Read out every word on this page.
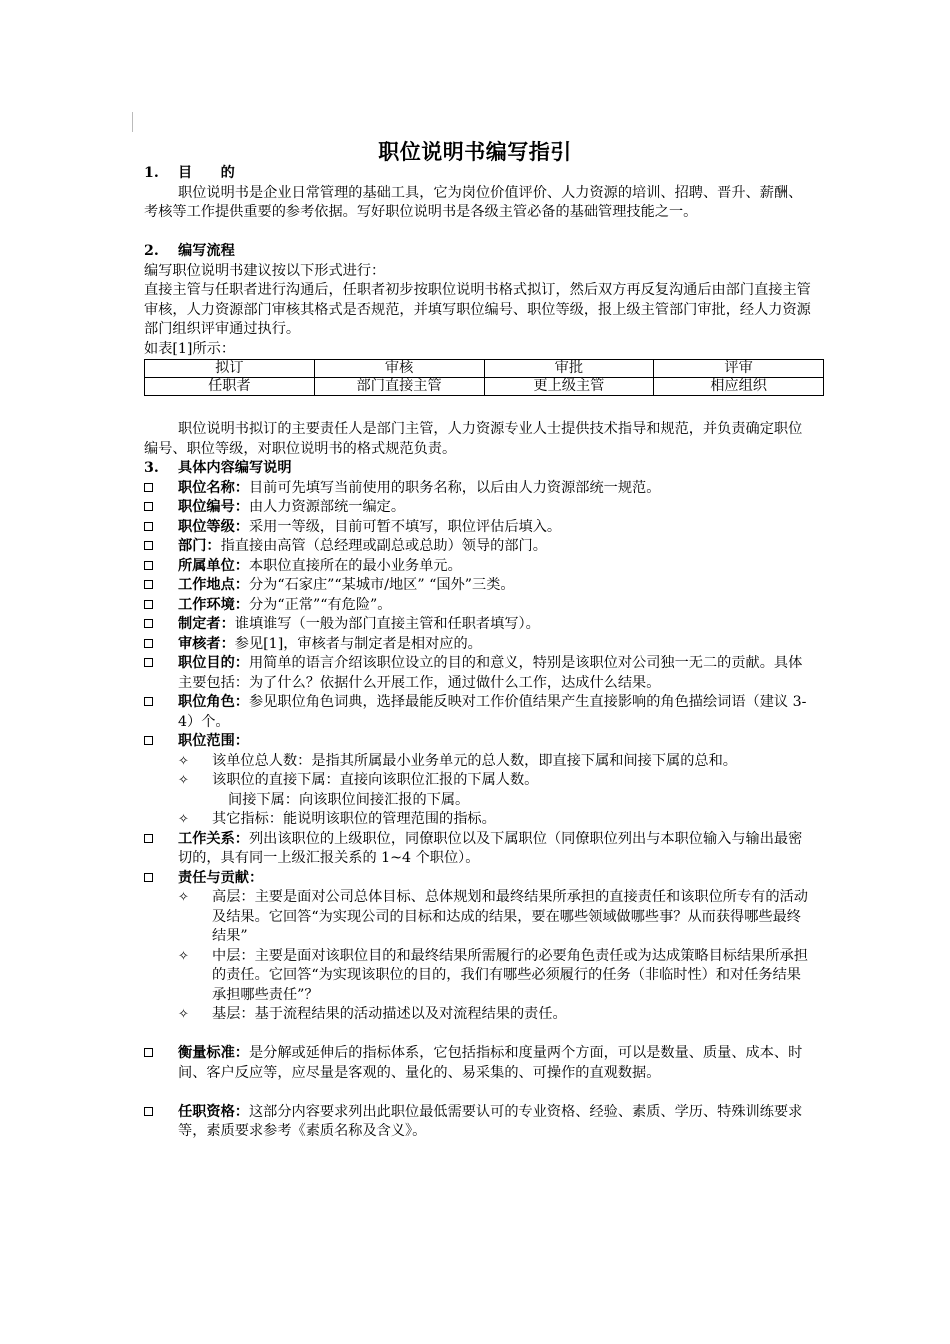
职位说明书编写指引

1. 目　　的

职位说明书是企业日常管理的基础工具，它为岗位价值评价、人力资源的培训、招聘、晋升、薪酬、考核等工作提供重要的参考依据。写好职位说明书是各级主管必备的基础管理技能之一。

2. 编写流程

编写职位说明书建议按以下形式进行：

直接主管与任职者进行沟通后，任职者初步按职位说明书格式拟订，然后双方再反复沟通后由部门直接主管审核，人力资源部门审核其格式是否规范，并填写职位编号、职位等级，报上级主管部门审批，经人力资源部门组织评审通过执行。

如表[1]所示：

拟订	审核	审批	评审
任职者	部门直接主管	更上级主管	相应组织

职位说明书拟订的主要责任人是部门主管，人力资源专业人士提供技术指导和规范，并负责确定职位编号、职位等级，对职位说明书的格式规范负责。

3. 具体内容编写说明

职位名称：目前可先填写当前使用的职务名称，以后由人力资源部统一规范。

职位编号：由人力资源部统一编定。

职位等级：采用一等级，目前可暂不填写，职位评估后填入。

部门：指直接由高管（总经理或副总或总助）领导的部门。

所属单位：本职位直接所在的最小业务单元。

工作地点：分为“石家庄”“某城市/地区” “国外”三类。

工作环境：分为“正常”“有危险”。

制定者：谁填谁写（一般为部门直接主管和任职者填写）。

审核者：参见[1]，审核者与制定者是相对应的。

职位目的：用简单的语言介绍该职位设立的目的和意义，特别是该职位对公司独一无二的贡献。具体主要包括：为了什么？依据什么开展工作，通过做什么工作，达成什么结果。

职位角色：参见职位角色词典，选择最能反映对工作价值结果产生直接影响的角色描绘词语（建议 3-4）个。

职位范围：

✧ 该单位总人数：是指其所属最小业务单元的总人数，即直接下属和间接下属的总和。

✧ 该职位的直接下属：直接向该职位汇报的下属人数。

间接下属：向该职位间接汇报的下属。

✧ 其它指标：能说明该职位的管理范围的指标。

工作关系：列出该职位的上级职位，同僚职位以及下属职位（同僚职位列出与本职位输入与输出最密切的，具有同一上级汇报关系的 1~4 个职位）。

责任与贡献：

✧ 高层：主要是面对公司总体目标、总体规划和最终结果所承担的直接责任和该职位所专有的活动及结果。它回答“为实现公司的目标和达成的结果，要在哪些领域做哪些事？从而获得哪些最终结果”

✧ 中层：主要是面对该职位目的和最终结果所需履行的必要角色责任或为达成策略目标结果所承担的责任。它回答“为实现该职位的目的，我们有哪些必须履行的任务（非临时性）和对任务结果承担哪些责任”？

✧ 基层：基于流程结果的活动描述以及对流程结果的责任。

衡量标准：是分解或延伸后的指标体系，它包括指标和度量两个方面，可以是数量、质量、成本、时间、客户反应等，应尽量是客观的、量化的、易采集的、可操作的直观数据。

任职资格：这部分内容要求列出此职位最低需要认可的专业资格、经验、素质、学历、特殊训练要求等，素质要求参考《素质名称及含义》。
